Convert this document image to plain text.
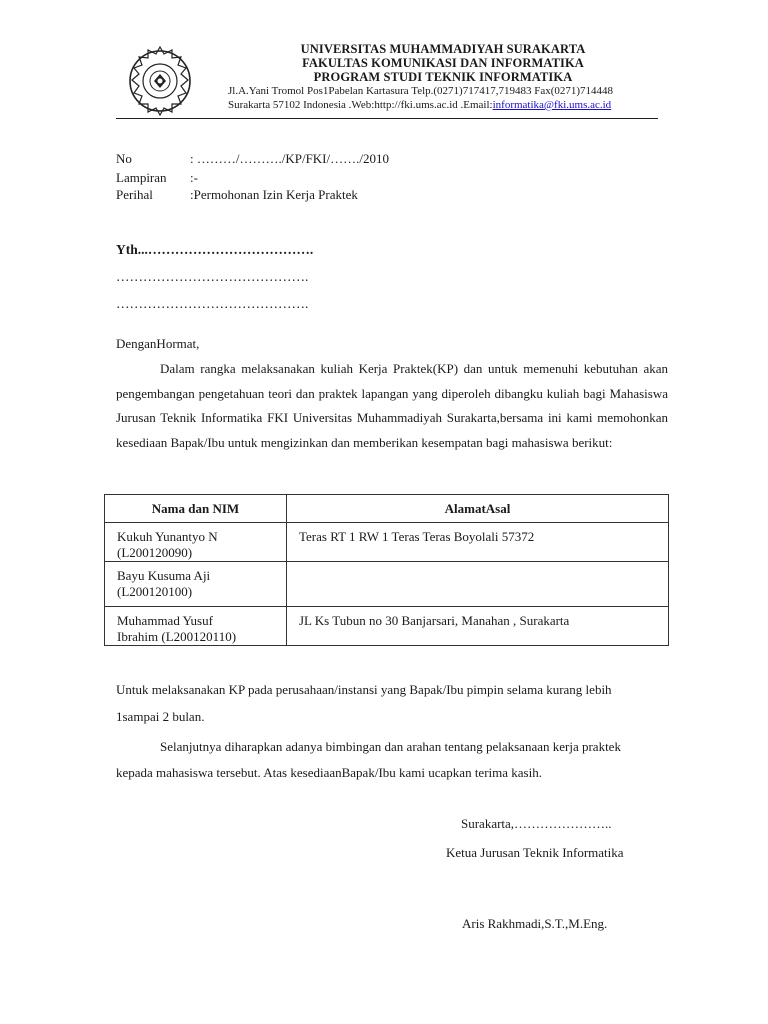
UNIVERSITAS MUHAMMADIYAH SURAKARTA
FAKULTAS KOMUNIKASI DAN INFORMATIKA
PROGRAM STUDI TEKNIK INFORMATIKA
Jl.A.Yani Tromol Pos1Pabelan Kartasura Telp.(0271)717417,719483 Fax(0271)714448
Surakarta 57102 Indonesia .Web:http://fki.ums.ac.id .Email:informatika@fki.ums.ac.id
No	: ………/………./KP/FKI/……./2010
Lampiran :-
Perihal	:Permohonan Izin Kerja Praktek
Yth...……………………………….
…………………………………….
…………………………………….
DenganHormat,
Dalam rangka melaksanakan kuliah Kerja Praktek(KP) dan untuk memenuhi kebutuhan akan pengembangan pengetahuan teori dan praktek lapangan yang diperoleh dibangku kuliah bagi Mahasiswa Jurusan Teknik Informatika FKI Universitas Muhammadiyah Surakarta,bersama ini kami memohonkan kesediaan Bapak/Ibu untuk mengizinkan dan memberikan kesempatan bagi mahasiswa berikut:
Nama dan NIM	AlamatAsal

Kukuh Yunantyo N
(L200120090)	Teras RT 1 RW 1 Teras Teras Boyolali 57372

Bayu Kusuma Aji
(L200120100)	

Muhammad Yusuf
Ibrahim (L200120110)	JL Ks Tubun no 30 Banjarsari, Manahan , Surakarta
Untuk melaksanakan KP pada perusahaan/instansi yang Bapak/Ibu pimpin selama kurang lebih
1sampai 2 bulan.
Selanjutnya diharapkan adanya bimbingan dan arahan tentang pelaksanaan kerja praktek
kepada mahasiswa tersebut. Atas kesediaanBapak/Ibu kami ucapkan terima kasih.
Surakarta,…………………..
Ketua Jurusan Teknik Informatika
Aris Rakhmadi,S.T.,M.Eng.
